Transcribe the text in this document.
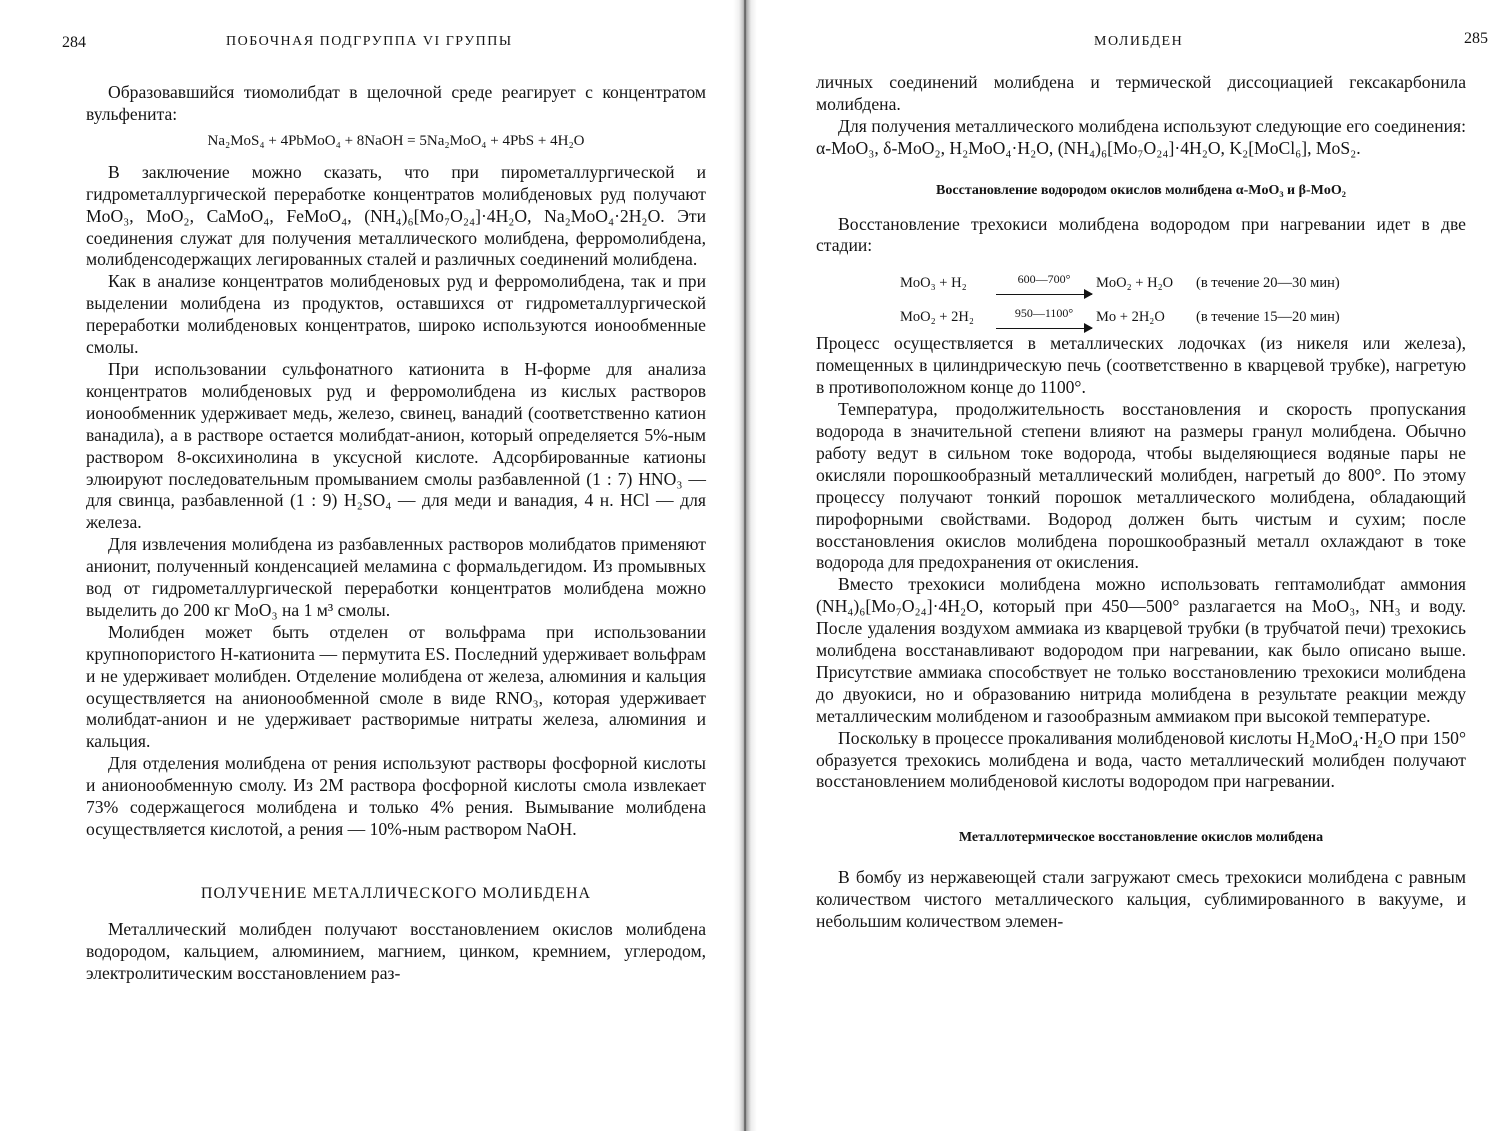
284	ПОБОЧНАЯ ПОДГРУППА VI ГРУППЫ

Образовавшийся тиомолибдат в щелочной среде реагирует с концентратом вульфенита:

Na₂MoS₄ + 4PbMoO₄ + 8NaOH = 5Na₂MoO₄ + 4PbS + 4H₂O

В заключение можно сказать, что при пирометаллургической и гидрометаллургической переработке концентратов молибденовых руд получают MoO₃, MoO₂, CaMoO₄, FeMoO₄, (NH₄)₆[Mo₇O₂₄]·4H₂O, Na₂MoO₄·2H₂O. Эти соединения служат для получения металлического молибдена, ферромолибдена, молибденсодержащих легированных сталей и различных соединений молибдена.

Как в анализе концентратов молибденовых руд и ферромолибдена, так и при выделении молибдена из продуктов, оставшихся от гидрометаллургической переработки молибденовых концентратов, широко используются ионообменные смолы.

При использовании сульфонатного катионита в Н-форме для анализа концентратов молибденовых руд и ферромолибдена из кислых растворов ионообменник удерживает медь, железо, свинец, ванадий (соответственно катион ванадила), а в растворе остается молибдат-анион, который определяется 5%-ным раствором 8-оксихинолина в уксусной кислоте. Адсорбированные катионы элюируют последовательным промыванием смолы разбавленной (1 : 7) HNO₃ — для свинца, разбавленной (1 : 9) H₂SO₄ — для меди и ванадия, 4 н. HCl — для железа.

Для извлечения молибдена из разбавленных растворов молибдатов применяют анионит, полученный конденсацией меламина с формальдегидом. Из промывных вод от гидрометаллургической переработки концентратов молибдена можно выделить до 200 кг MoO₃ на 1 м³ смолы.

Молибден может быть отделен от вольфрама при использовании крупнопористого Н-катионита — пермутита ES. Последний удерживает вольфрам и не удерживает молибден. Отделение молибдена от железа, алюминия и кальция осуществляется на анионообменной смоле в виде RNO₃, которая удерживает молибдат-анион и не удерживает растворимые нитраты железа, алюминия и кальция.

Для отделения молибдена от рения используют растворы фосфорной кислоты и анионообменную смолу. Из 2M раствора фосфорной кислоты смола извлекает 73% содержащегося молибдена и только 4% рения. Вымывание молибдена осуществляется кислотой, а рения — 10%-ным раствором NaOH.

ПОЛУЧЕНИЕ МЕТАЛЛИЧЕСКОГО МОЛИБДЕНА

Металлический молибден получают восстановлением окислов молибдена водородом, кальцием, алюминием, магнием, цинком, кремнием, углеродом, электролитическим восстановлением раз-

МОЛИБДЕН	285

личных соединений молибдена и термической диссоциацией гексакарбонила молибдена.

Для получения металлического молибдена используют следующие его соединения: α-MoO₃, δ-MoO₂, H₂MoO₄·H₂O, (NH₄)₆[Mo₇O₂₄]·4H₂O, K₂[MoCl₆], MoS₂.

Восстановление водородом окислов молибдена α-MoO₃ и β-MoO₂

Восстановление трехокиси молибдена водородом при нагревании идет в две стадии:

MoO₃ + H₂	600—700°	MoO₂ + H₂O	(в течение 20—30 мин)
MoO₂ + 2H₂	950—1100°	Mo + 2H₂O	(в течение 15—20 мин)

Процесс осуществляется в металлических лодочках (из никеля или железа), помещенных в цилиндрическую печь (соответственно в кварцевой трубке), нагретую в противоположном конце до 1100°.

Температура, продолжительность восстановления и скорость пропускания водорода в значительной степени влияют на размеры гранул молибдена. Обычно работу ведут в сильном токе водорода, чтобы выделяющиеся водяные пары не окисляли порошкообразный металлический молибден, нагретый до 800°. По этому процессу получают тонкий порошок металлического молибдена, обладающий пирофорными свойствами. Водород должен быть чистым и сухим; после восстановления окислов молибдена порошкообразный металл охлаждают в токе водорода для предохранения от окисления.

Вместо трехокиси молибдена можно использовать гептамолибдат аммония (NH₄)₆[Mo₇O₂₄]·4H₂O, который при 450—500° разлагается на MoO₃, NH₃ и воду. После удаления воздухом аммиака из кварцевой трубки (в трубчатой печи) трехокись молибдена восстанавливают водородом при нагревании, как было описано выше. Присутствие аммиака способствует не только восстановлению трехокиси молибдена до двуокиси, но и образованию нитрида молибдена в результате реакции между металлическим молибденом и газообразным аммиаком при высокой температуре.

Поскольку в процессе прокаливания молибденовой кислоты H₂MoO₄·H₂O при 150° образуется трехокись молибдена и вода, часто металлический молибден получают восстановлением молибденовой кислоты водородом при нагревании.

Металлотермическое восстановление окислов молибдена

В бомбу из нержавеющей стали загружают смесь трехокиси молибдена с равным количеством чистого металлического кальция, сублимированного в вакууме, и небольшим количеством элемен-
